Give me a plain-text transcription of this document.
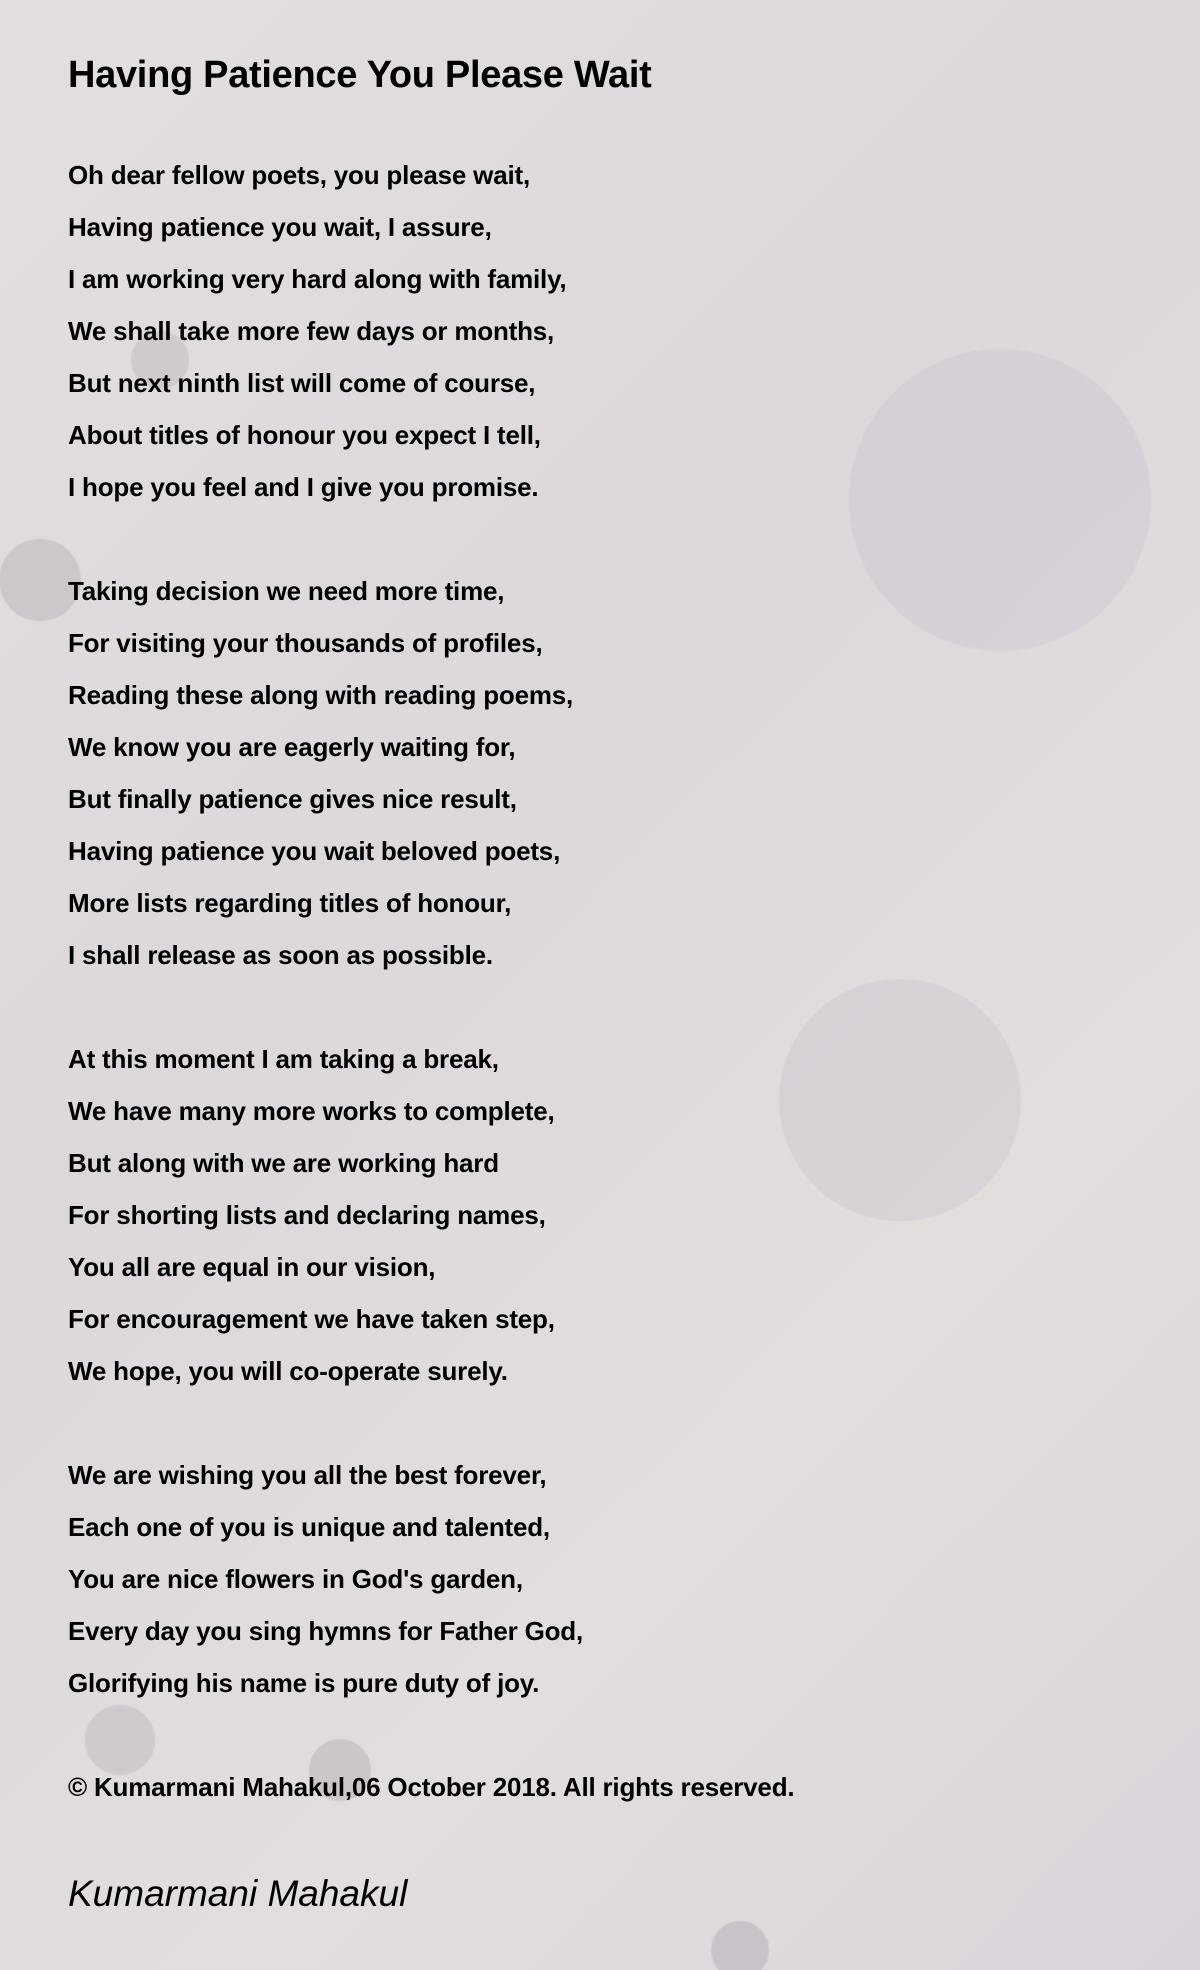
Having Patience You Please Wait
Oh dear fellow poets, you please wait,
Having patience you wait, I assure,
I am working very hard along with family,
We shall take more few days or months,
But next ninth list will come of course,
About titles of honour you expect I tell,
I hope you feel and I give you promise.
Taking decision we need more time,
For visiting your thousands of profiles,
Reading these along with reading poems,
We know you are eagerly waiting for,
But finally patience gives nice result,
Having patience you wait beloved poets,
More lists regarding titles of honour,
I shall release as soon as possible.
At this moment I am taking a break,
We have many more works to complete,
But along with we are working hard
For shorting lists and declaring names,
You all are equal in our vision,
For encouragement we have taken step,
We hope, you will co-operate surely.
We are wishing you all the best forever,
Each one of you is unique and talented,
You are nice flowers in God's garden,
Every day you sing hymns for Father God,
Glorifying his name is pure duty of joy.
© Kumarmani Mahakul,06 October 2018. All rights reserved.
Kumarmani Mahakul
